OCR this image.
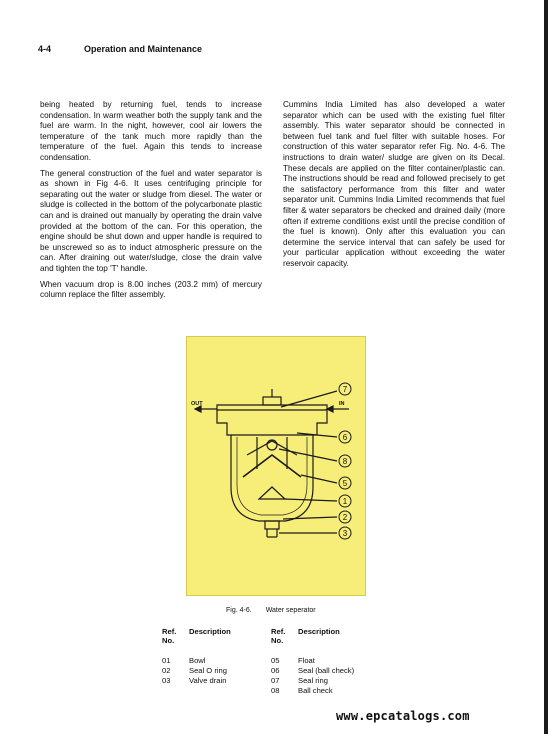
4-4	Operation and Maintenance

being heated by returning fuel, tends to increase condensation. In warm weather both the supply tank and the fuel are warm. In the night, however, cool air lowers the temperature of the tank much more rapidly than the temperature of the fuel. Again this tends to increase condensation.

The general construction of the fuel and water separator is as shown in Fig 4-6. It uses centrifuging principle for separating out the water or sludge from diesel. The water or sludge is collected in the bottom of the polycarbonate plastic can and is drained out manually by operating the drain valve provided at the bottom of the can. For this operation, the engine should be shut down and upper handle is required to be unscrewed so as to induct atmospheric pressure on the can. After draining out water/sludge, close the drain valve and tighten the top 'T' handle.

When vacuum drop is 8.00 inches (203.2 mm) of mercury column replace the filter assembly.

Cummins India Limited has also developed a water separator which can be used with the existing fuel filter assembly. This water separator should be connected in between fuel tank and fuel filter with suitable hoses. For construction of this water separator refer Fig. No. 4-6. The instructions to drain water/ sludge are given on its Decal. These decals are applied on the filter container/plastic can. The instructions should be read and followed precisely to get the satisfactory performance from this filter and water separator unit. Cummins India Limited recommends that fuel filter & water separators be checked and drained daily (more often if extreme conditions exist until the precise condition of the fuel is known). Only after this evaluation you can determine the service interval that can safely be used for your particular application without exceeding the water reservoir capacity.

7
6
8
5
1
2
3
OUT	IN
Fig. 4-6. Water seperator
Ref.
No.
Description
01 Bowl
02 Seal O ring
03 Valve drain
Ref.
No.
Description
05 Float
06 Seal (ball check)
07 Seal ring
08 Ball check
www.epcatalogs.com
